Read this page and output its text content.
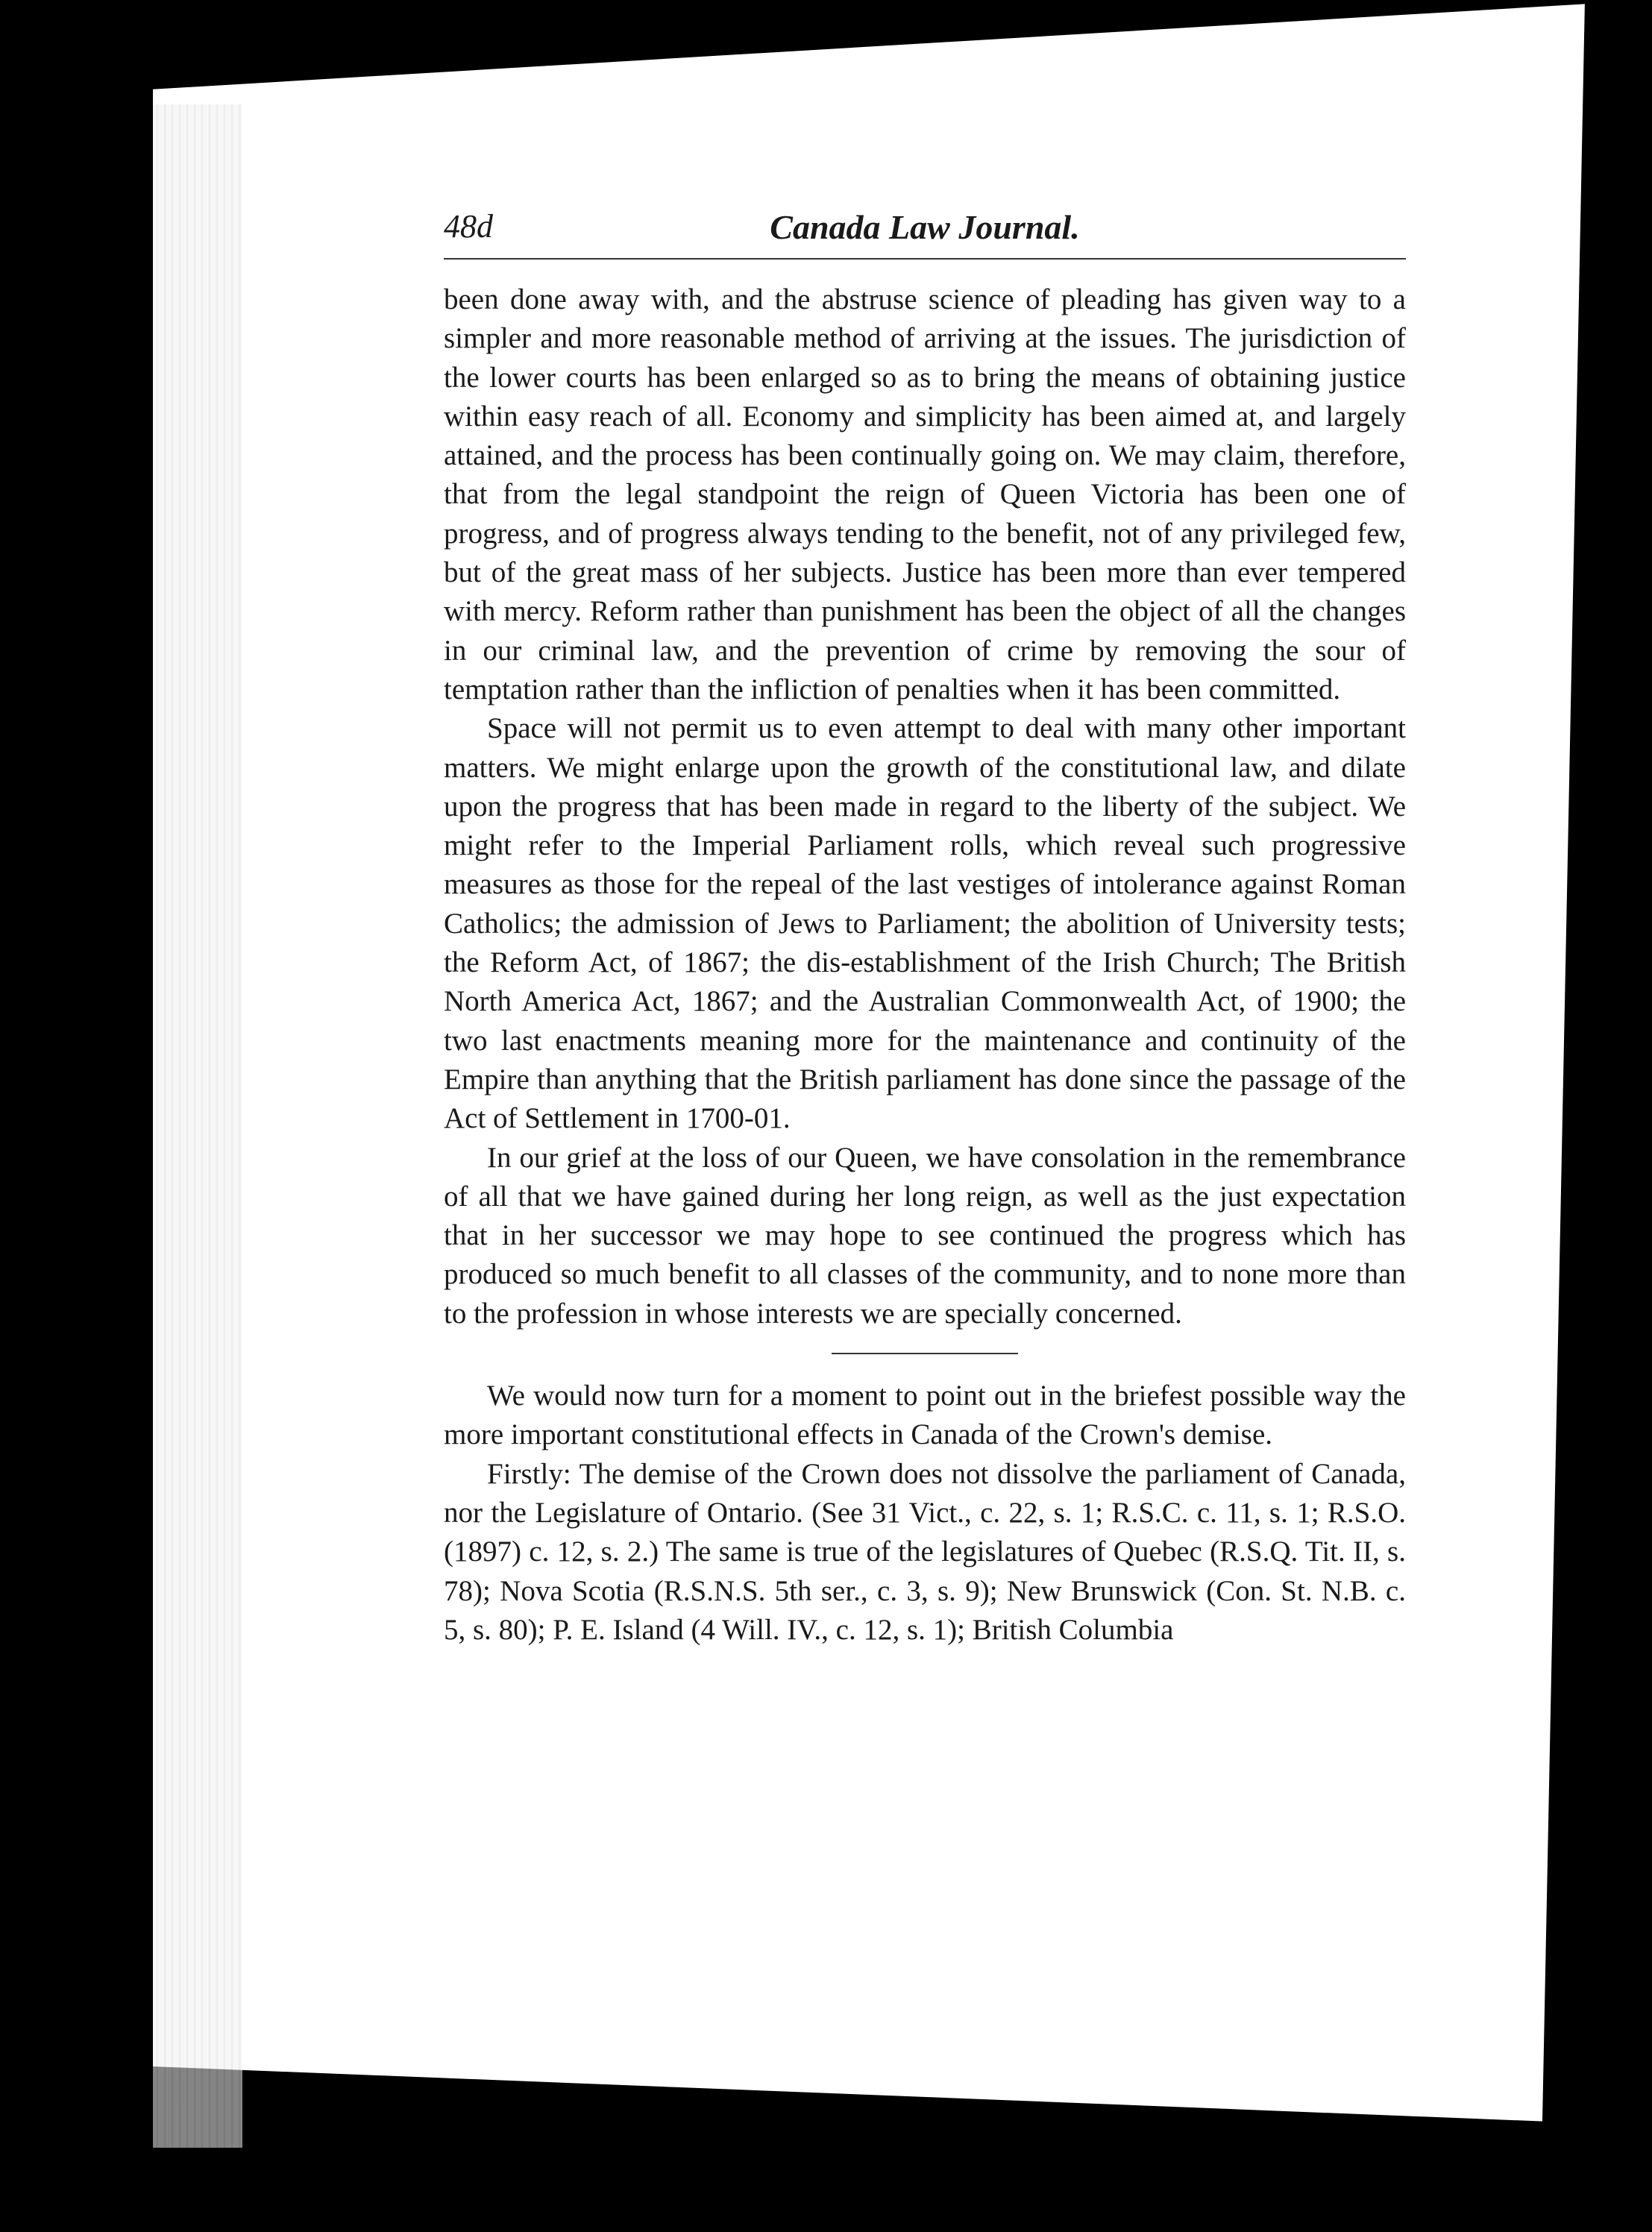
48d	Canada Law Journal.

been done away with, and the abstruse science of pleading has given way to a simpler and more reasonable method of arriving at the issues. The jurisdiction of the lower courts has been enlarged so as to bring the means of obtaining justice within easy reach of all. Economy and simplicity has been aimed at, and largely attained, and the process has been continually going on. We may claim, therefore, that from the legal standpoint the reign of Queen Victoria has been one of progress, and of progress always tending to the benefit, not of any privileged few, but of the great mass of her subjects. Justice has been more than ever tempered with mercy. Reform rather than punishment has been the object of all the changes in our criminal law, and the prevention of crime by removing the sour of temptation rather than the infliction of penalties when it has been committed.

Space will not permit us to even attempt to deal with many other important matters. We might enlarge upon the growth of the constitutional law, and dilate upon the progress that has been made in regard to the liberty of the subject. We might refer to the Imperial Parliament rolls, which reveal such progressive measures as those for the repeal of the last vestiges of intolerance against Roman Catholics; the admission of Jews to Parliament; the abolition of University tests; the Reform Act, of 1867; the dis-establishment of the Irish Church; The British North America Act, 1867; and the Australian Commonwealth Act, of 1900; the two last enactments meaning more for the maintenance and continuity of the Empire than anything that the British parliament has done since the passage of the Act of Settlement in 1700-01.

In our grief at the loss of our Queen, we have consolation in the remembrance of all that we have gained during her long reign, as well as the just expectation that in her successor we may hope to see continued the progress which has produced so much benefit to all classes of the community, and to none more than to the profession in whose interests we are specially concerned.

We would now turn for a moment to point out in the briefest possible way the more important constitutional effects in Canada of the Crown's demise.

Firstly: The demise of the Crown does not dissolve the parliament of Canada, nor the Legislature of Ontario. (See 31 Vict., c. 22, s. 1; R.S.C. c. 11, s. 1; R.S.O. (1897) c. 12, s. 2.) The same is true of the legislatures of Quebec (R.S.Q. Tit. II, s. 78); Nova Scotia (R.S.N.S. 5th ser., c. 3, s. 9); New Brunswick (Con. St. N.B. c. 5, s. 80); P. E. Island (4 Will. IV., c. 12, s. 1); British Columbia
